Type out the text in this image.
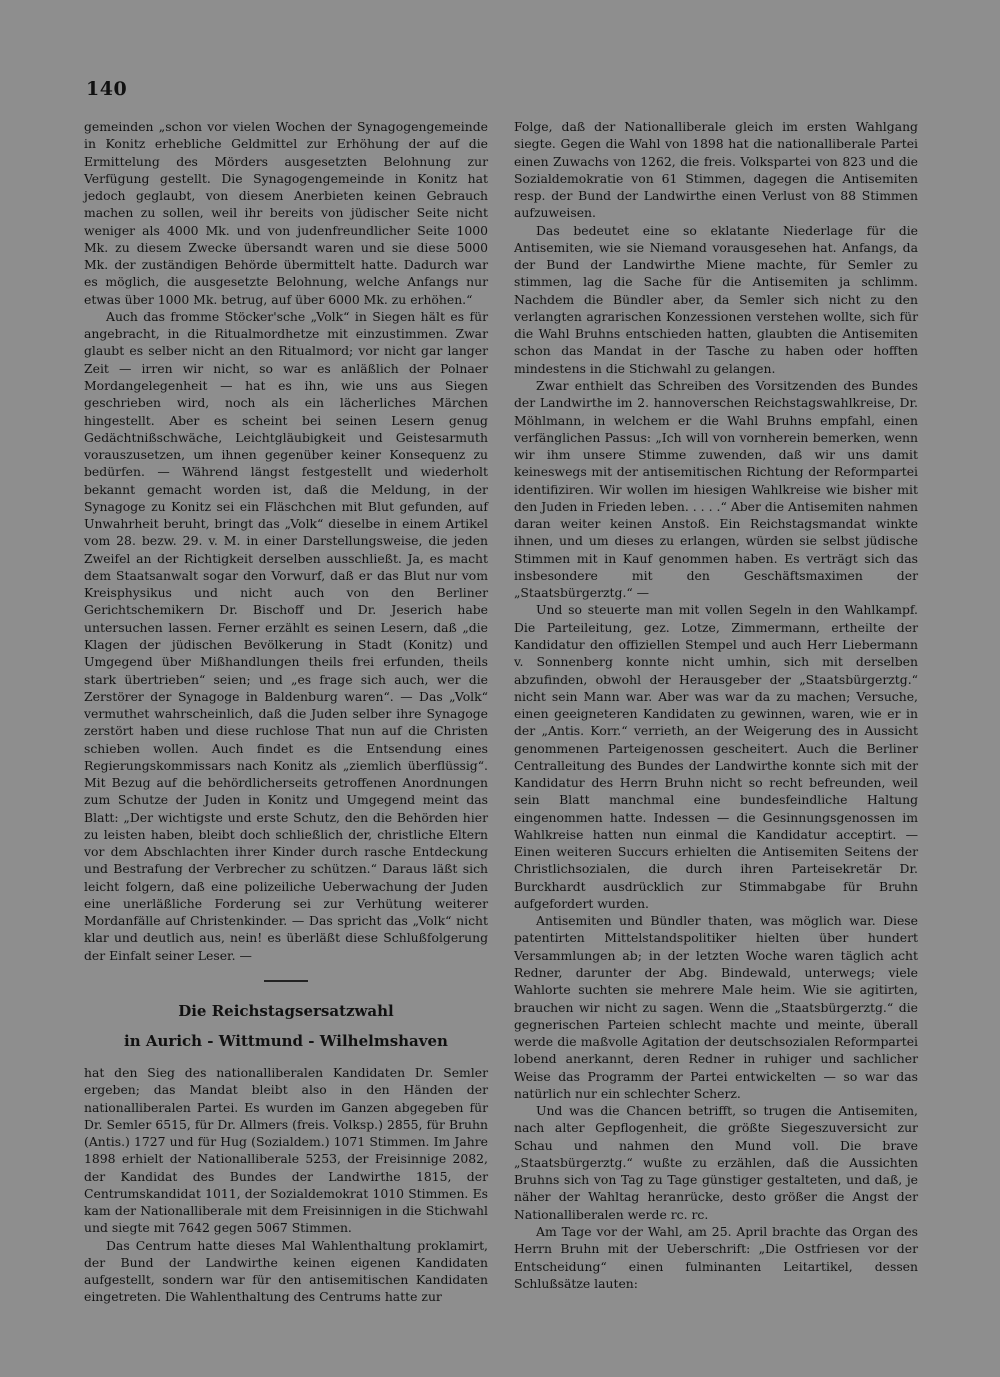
140

gemeinden „schon vor vielen Wochen der Synagogengemeinde in Konitz erhebliche Geldmittel zur Erhöhung der auf die Ermittelung des Mörders ausgesetzten Belohnung zur Verfügung gestellt. Die Synagogengemeinde in Konitz hat jedoch geglaubt, von diesem Anerbieten keinen Gebrauch machen zu sollen, weil ihr bereits von jüdischer Seite nicht weniger als 4000 Mk. und von judenfreundlicher Seite 1000 Mk. zu diesem Zwecke übersandt waren und sie diese 5000 Mk. der zuständigen Behörde übermittelt hatte. Dadurch war es möglich, die ausgesetzte Belohnung, welche Anfangs nur etwas über 1000 Mk. betrug, auf über 6000 Mk. zu erhöhen.“

Auch das fromme Stöcker'sche „Volk“ in Siegen hält es für angebracht, in die Ritualmordhetze mit einzustimmen. Zwar glaubt es selber nicht an den Ritualmord; vor nicht gar langer Zeit — irren wir nicht, so war es anläßlich der Polnaer Mordangelegenheit — hat es ihn, wie uns aus Siegen geschrieben wird, noch als ein lächerliches Märchen hingestellt. Aber es scheint bei seinen Lesern genug Gedächtnißschwäche, Leichtgläubigkeit und Geistesarmuth vorauszusetzen, um ihnen gegenüber keiner Konsequenz zu bedürfen. — Während längst festgestellt und wiederholt bekannt gemacht worden ist, daß die Meldung, in der Synagoge zu Konitz sei ein Fläschchen mit Blut gefunden, auf Unwahrheit beruht, bringt das „Volk“ dieselbe in einem Artikel vom 28. bezw. 29. v. M. in einer Darstellungsweise, die jeden Zweifel an der Richtigkeit derselben ausschließt. Ja, es macht dem Staatsanwalt sogar den Vorwurf, daß er das Blut nur vom Kreisphysikus und nicht auch von den Berliner Gerichtschemikern Dr. Bischoff und Dr. Jeserich habe untersuchen lassen. Ferner erzählt es seinen Lesern, daß „die Klagen der jüdischen Bevölkerung in Stadt (Konitz) und Umgegend über Mißhandlungen theils frei erfunden, theils stark übertrieben“ seien; und „es frage sich auch, wer die Zerstörer der Synagoge in Baldenburg waren“. — Das „Volk“ vermuthet wahrscheinlich, daß die Juden selber ihre Synagoge zerstört haben und diese ruchlose That nun auf die Christen schieben wollen. Auch findet es die Entsendung eines Regierungskommissars nach Konitz als „ziemlich überflüssig“. Mit Bezug auf die behördlicherseits getroffenen Anordnungen zum Schutze der Juden in Konitz und Umgegend meint das Blatt: „Der wichtigste und erste Schutz, den die Behörden hier zu leisten haben, bleibt doch schließlich der, christliche Eltern vor dem Abschlachten ihrer Kinder durch rasche Entdeckung und Bestrafung der Verbrecher zu schützen.“ Daraus läßt sich leicht folgern, daß eine polizeiliche Ueberwachung der Juden eine unerläßliche Forderung sei zur Verhütung weiterer Mordanfälle auf Christenkinder. — Das spricht das „Volk“ nicht klar und deutlich aus, nein! es überläßt diese Schlußfolgerung der Einfalt seiner Leser. —

Die Reichstagsersatzwahl
in Aurich - Wittmund - Wilhelmshaven

hat den Sieg des nationalliberalen Kandidaten Dr. Semler ergeben; das Mandat bleibt also in den Händen der nationalliberalen Partei. Es wurden im Ganzen abgegeben für Dr. Semler 6515, für Dr. Allmers (freis. Volksp.) 2855, für Bruhn (Antis.) 1727 und für Hug (Sozialdem.) 1071 Stimmen. Im Jahre 1898 erhielt der Nationalliberale 5253, der Freisinnige 2082, der Kandidat des Bundes der Landwirthe 1815, der Centrumskandidat 1011, der Sozialdemokrat 1010 Stimmen. Es kam der Nationalliberale mit dem Freisinnigen in die Stichwahl und siegte mit 7642 gegen 5067 Stimmen.

Das Centrum hatte dieses Mal Wahlenthaltung proklamirt, der Bund der Landwirthe keinen eigenen Kandidaten aufgestellt, sondern war für den antisemitischen Kandidaten eingetreten. Die Wahlenthaltung des Centrums hatte zur

Folge, daß der Nationalliberale gleich im ersten Wahlgang siegte. Gegen die Wahl von 1898 hat die nationalliberale Partei einen Zuwachs von 1262, die freis. Volkspartei von 823 und die Sozialdemokratie von 61 Stimmen, dagegen die Antisemiten resp. der Bund der Landwirthe einen Verlust von 88 Stimmen aufzuweisen.

Das bedeutet eine so eklatante Niederlage für die Antisemiten, wie sie Niemand vorausgesehen hat. Anfangs, da der Bund der Landwirthe Miene machte, für Semler zu stimmen, lag die Sache für die Antisemiten ja schlimm. Nachdem die Bündler aber, da Semler sich nicht zu den verlangten agrarischen Konzessionen verstehen wollte, sich für die Wahl Bruhns entschieden hatten, glaubten die Antisemiten schon das Mandat in der Tasche zu haben oder hofften mindestens in die Stichwahl zu gelangen.

Zwar enthielt das Schreiben des Vorsitzenden des Bundes der Landwirthe im 2. hannoverschen Reichstagswahlkreise, Dr. Möhlmann, in welchem er die Wahl Bruhns empfahl, einen verfänglichen Passus: „Ich will von vornherein bemerken, wenn wir ihm unsere Stimme zuwenden, daß wir uns damit keineswegs mit der antisemitischen Richtung der Reformpartei identifiziren. Wir wollen im hiesigen Wahlkreise wie bisher mit den Juden in Frieden leben. . . . .“ Aber die Antisemiten nahmen daran weiter keinen Anstoß. Ein Reichstagsmandat winkte ihnen, und um dieses zu erlangen, würden sie selbst jüdische Stimmen mit in Kauf genommen haben. Es verträgt sich das insbesondere mit den Geschäftsmaximen der „Staatsbürgerztg.“ —

Und so steuerte man mit vollen Segeln in den Wahlkampf. Die Parteileitung, gez. Lotze, Zimmermann, ertheilte der Kandidatur den offiziellen Stempel und auch Herr Liebermann v. Sonnenberg konnte nicht umhin, sich mit derselben abzufinden, obwohl der Herausgeber der „Staatsbürgerztg.“ nicht sein Mann war. Aber was war da zu machen; Versuche, einen geeigneteren Kandidaten zu gewinnen, waren, wie er in der „Antis. Korr.“ verrieth, an der Weigerung des in Aussicht genommenen Parteigenossen gescheitert. Auch die Berliner Centralleitung des Bundes der Landwirthe konnte sich mit der Kandidatur des Herrn Bruhn nicht so recht befreunden, weil sein Blatt manchmal eine bundesfeindliche Haltung eingenommen hatte. Indessen — die Gesinnungsgenossen im Wahlkreise hatten nun einmal die Kandidatur acceptirt. — Einen weiteren Succurs erhielten die Antisemiten Seitens der Christlichsozialen, die durch ihren Parteisekretär Dr. Burckhardt ausdrücklich zur Stimmabgabe für Bruhn aufgefordert wurden.

Antisemiten und Bündler thaten, was möglich war. Diese patentirten Mittelstandspolitiker hielten über hundert Versammlungen ab; in der letzten Woche waren täglich acht Redner, darunter der Abg. Bindewald, unterwegs; viele Wahlorte suchten sie mehrere Male heim. Wie sie agitirten, brauchen wir nicht zu sagen. Wenn die „Staatsbürgerztg.“ die gegnerischen Parteien schlecht machte und meinte, überall werde die maßvolle Agitation der deutschsozialen Reformpartei lobend anerkannt, deren Redner in ruhiger und sachlicher Weise das Programm der Partei entwickelten — so war das natürlich nur ein schlechter Scherz.

Und was die Chancen betrifft, so trugen die Antisemiten, nach alter Gepflogenheit, die größte Siegeszuversicht zur Schau und nahmen den Mund voll. Die brave „Staatsbürgerztg.“ wußte zu erzählen, daß die Aussichten Bruhns sich von Tag zu Tage günstiger gestalteten, und daß, je näher der Wahltag heranrücke, desto größer die Angst der Nationalliberalen werde rc. rc.

Am Tage vor der Wahl, am 25. April brachte das Organ des Herrn Bruhn mit der Ueberschrift: „Die Ostfriesen vor der Entscheidung“ einen fulminanten Leitartikel, dessen Schlußsätze lauten:
